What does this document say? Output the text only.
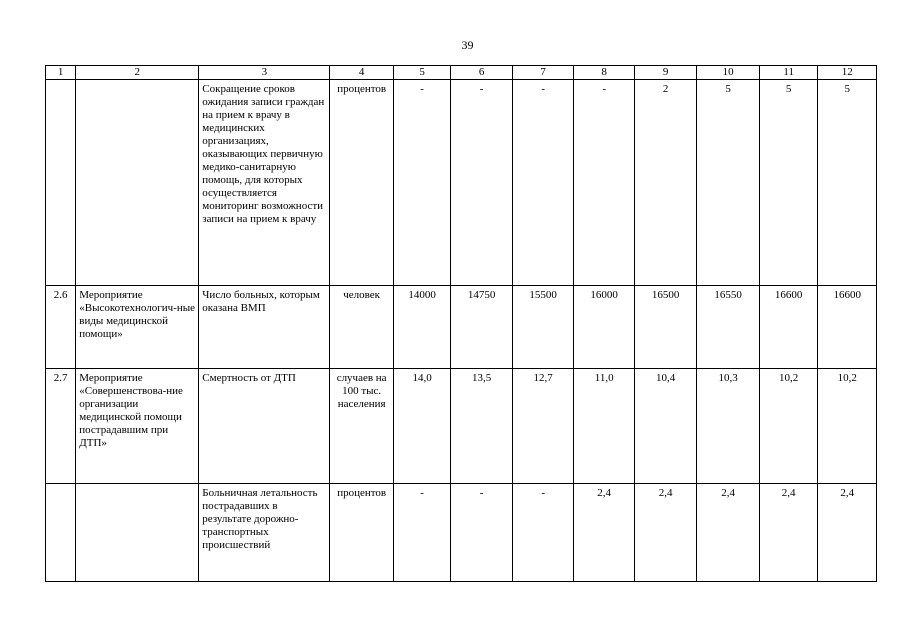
39
1	2	3	4	5	6	7	8	9	10	11	12
		Сокращение сроков ожидания записи граждан на прием к врачу в медицинских организациях, оказывающих первичную медико-санитарную помощь, для которых осуществляется мониторинг возможности записи на прием к врачу	процентов	-	-	-	-	2	5	5	5
2.6	Мероприятие «Высокотехнологич-ные виды медицинской помощи»	Число больных, которым оказана ВМП	человек	14000	14750	15500	16000	16500	16550	16600	16600
2.7	Мероприятие «Совершенствова-ние организации медицинской помощи пострадавшим при ДТП»	Смертность от ДТП	случаев на 100 тыс. населения	14,0	13,5	12,7	11,0	10,4	10,3	10,2	10,2
		Больничная летальность пострадавших в результате дорожно-транспортных происшествий	процентов	-	-	-	2,4	2,4	2,4	2,4	2,4
